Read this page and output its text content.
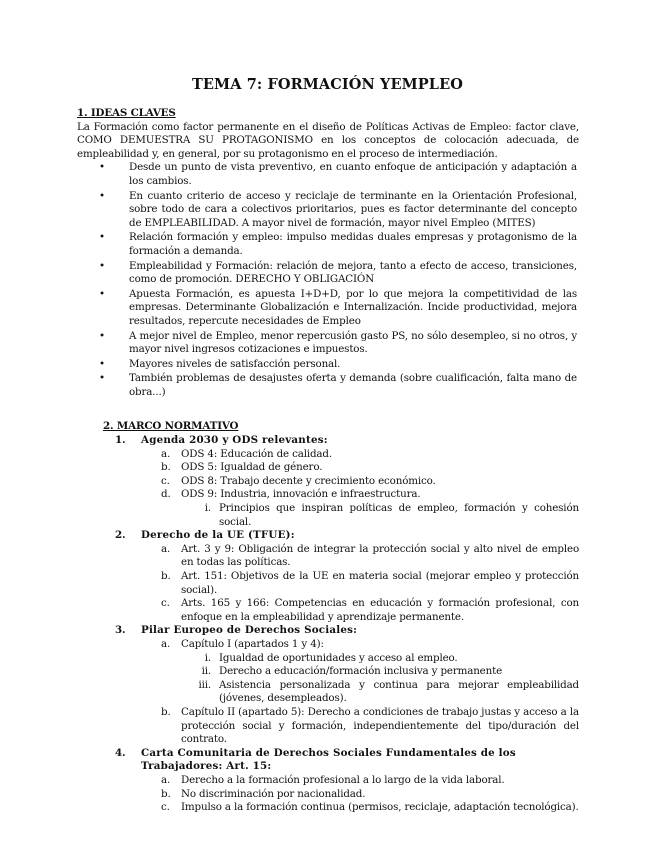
TEMA 7: FORMACIÓN YEMPLEO
1. IDEAS CLAVES

La Formación como factor permanente en el diseño de Políticas Activas de Empleo: factor clave, COMO DEMUESTRA SU PROTAGONISMO en los conceptos de colocación adecuada, de empleabilidad y, en general, por su protagonismo en el proceso de intermediación.

• Desde un punto de vista preventivo, en cuanto enfoque de anticipación y adaptación a los cambios.
• En cuanto criterio de acceso y reciclaje de terminante en la Orientación Profesional, sobre todo de cara a colectivos prioritarios, pues es factor determinante del concepto de EMPLEABILIDAD. A mayor nivel de formación, mayor nivel Empleo (MITES)
• Relación formación y empleo: impulso medidas duales empresas y protagonismo de la formación a demanda.
• Empleabilidad y Formación: relación de mejora, tanto a efecto de acceso, transiciones, como de promoción. DERECHO Y OBLIGACIÓN
• Apuesta Formación, es apuesta I+D+D, por lo que mejora la competitividad de las empresas. Determinante Globalización e Internalización. Incide productividad, mejora resultados, repercute necesidades de Empleo
• A mejor nivel de Empleo, menor repercusión gasto PS, no sólo desempleo, si no otros, y mayor nivel ingresos cotizaciones e impuestos.
• Mayores niveles de satisfacción personal.
• También problemas de desajustes oferta y demanda (sobre cualificación, falta mano de obra...)
2. MARCO NORMATIVO
1. Agenda 2030 y ODS relevantes:
a. ODS 4: Educación de calidad.
b. ODS 5: Igualdad de género.
c. ODS 8: Trabajo decente y crecimiento económico.
d. ODS 9: Industria, innovación e infraestructura.
i. Principios que inspiran políticas de empleo, formación y cohesión social.
2. Derecho de la UE (TFUE):
a. Art. 3 y 9: Obligación de integrar la protección social y alto nivel de empleo en todas las políticas.
b. Art. 151: Objetivos de la UE en materia social (mejorar empleo y protección social).
c. Arts. 165 y 166: Competencias en educación y formación profesional, con enfoque en la empleabilidad y aprendizaje permanente.
3. Pilar Europeo de Derechos Sociales:
a. Capítulo I (apartados 1 y 4):
i. Igualdad de oportunidades y acceso al empleo.
ii. Derecho a educación/formación inclusiva y permanente
iii. Asistencia personalizada y continua para mejorar empleabilidad (jóvenes, desempleados).
b. Capítulo II (apartado 5): Derecho a condiciones de trabajo justas y acceso a la protección social y formación, independientemente del tipo/duración del contrato.
4. Carta Comunitaria de Derechos Sociales Fundamentales de los Trabajadores: Art. 15:
a. Derecho a la formación profesional a lo largo de la vida laboral.
b. No discriminación por nacionalidad.
c. Impulso a la formación continua (permisos, reciclaje, adaptación tecnológica).
